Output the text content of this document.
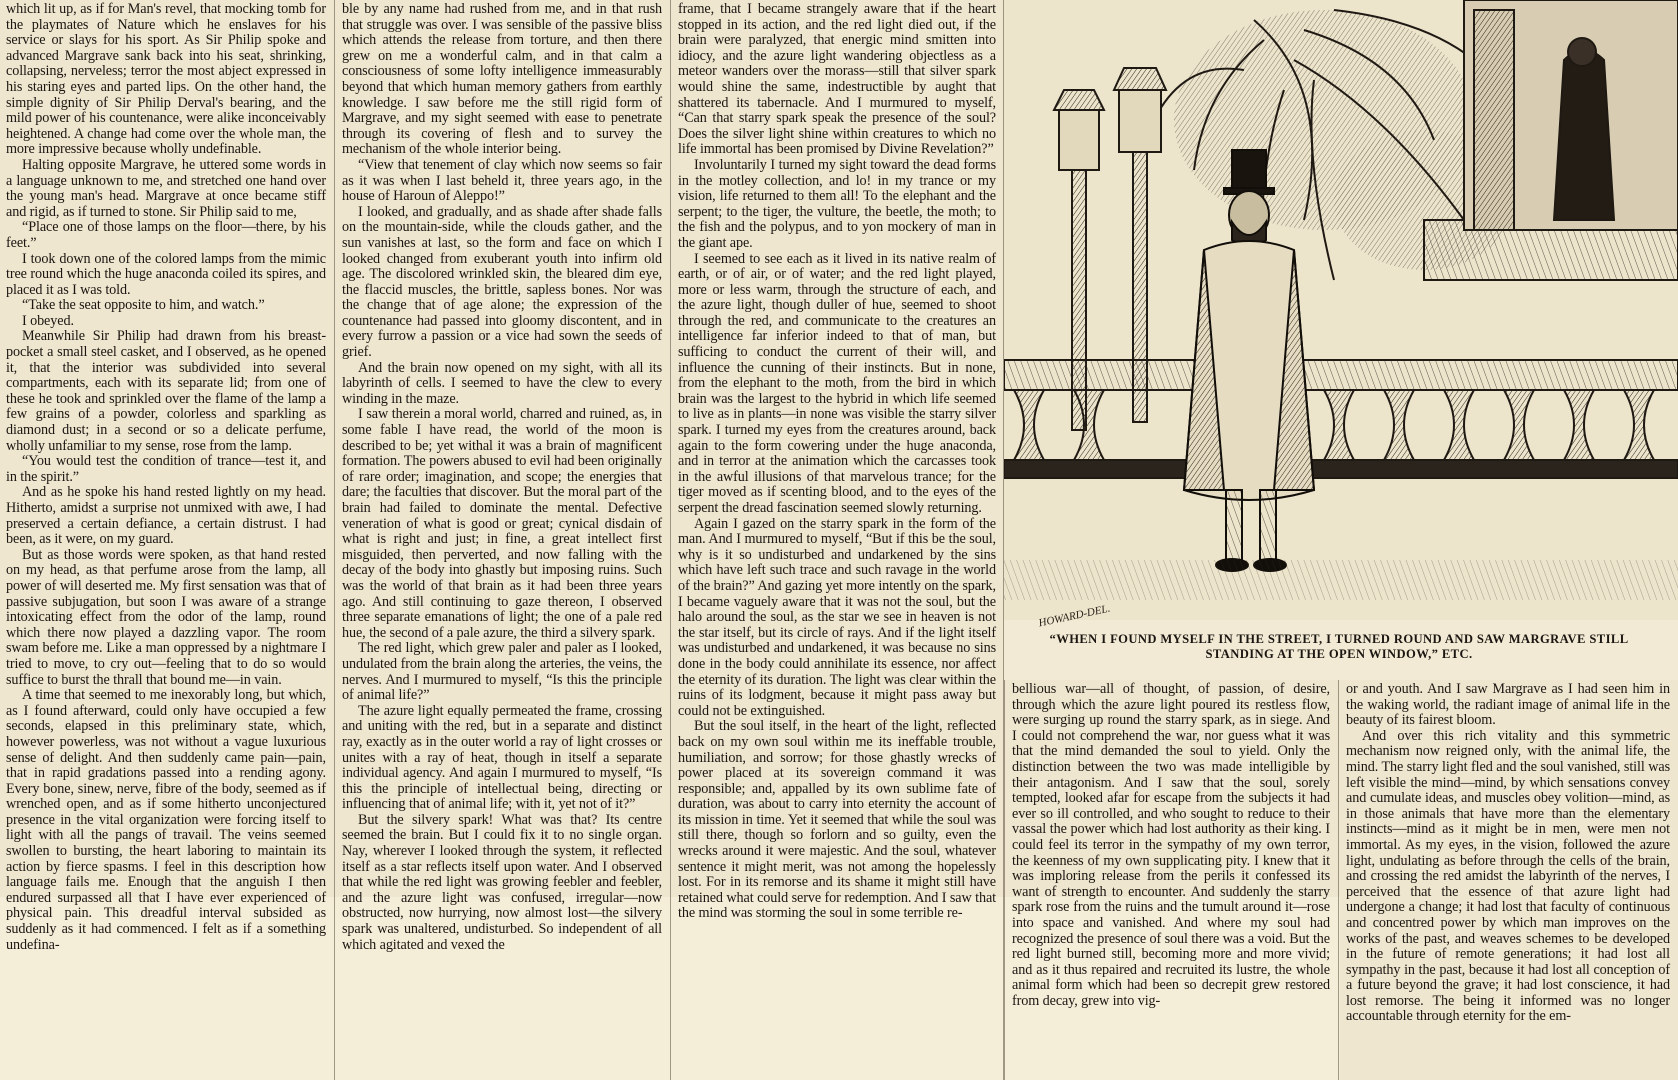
which lit up, as if for Man's revel, that mocking tomb for the playmates of Nature which he enslaves for his service or slays for his sport. As Sir Philip spoke and advanced Margrave sank back into his seat, shrinking, collapsing, nerveless; terror the most abject expressed in his staring eyes and parted lips. On the other hand, the simple dignity of Sir Philip Derval's bearing, and the mild power of his countenance, were alike inconceivably heightened. A change had come over the whole man, the more impressive because wholly undefinable.

Halting opposite Margrave, he uttered some words in a language unknown to me, and stretched one hand over the young man's head. Margrave at once became stiff and rigid, as if turned to stone. Sir Philip said to me,

“Place one of those lamps on the floor—there, by his feet.”

I took down one of the colored lamps from the mimic tree round which the huge anaconda coiled its spires, and placed it as I was told.

“Take the seat opposite to him, and watch.”

I obeyed.

Meanwhile Sir Philip had drawn from his breast-pocket a small steel casket, and I observed, as he opened it, that the interior was subdivided into several compartments, each with its separate lid; from one of these he took and sprinkled over the flame of the lamp a few grains of a powder, colorless and sparkling as diamond dust; in a second or so a delicate perfume, wholly unfamiliar to my sense, rose from the lamp.

“You would test the condition of trance—test it, and in the spirit.”

And as he spoke his hand rested lightly on my head. Hitherto, amidst a surprise not unmixed with awe, I had preserved a certain defiance, a certain distrust. I had been, as it were, on my guard.

But as those words were spoken, as that hand rested on my head, as that perfume arose from the lamp, all power of will deserted me. My first sensation was that of passive subjugation, but soon I was aware of a strange intoxicating effect from the odor of the lamp, round which there now played a dazzling vapor. The room swam before me. Like a man oppressed by a nightmare I tried to move, to cry out—feeling that to do so would suffice to burst the thrall that bound me—in vain.

A time that seemed to me inexorably long, but which, as I found afterward, could only have occupied a few seconds, elapsed in this preliminary state, which, however powerless, was not without a vague luxurious sense of delight. And then suddenly came pain—pain, that in rapid gradations passed into a rending agony. Every bone, sinew, nerve, fibre of the body, seemed as if wrenched open, and as if some hitherto unconjectured presence in the vital organization were forcing itself to light with all the pangs of travail. The veins seemed swollen to bursting, the heart laboring to maintain its action by fierce spasms. I feel in this description how language fails me. Enough that the anguish I then endured surpassed all that I have ever experienced of physical pain. This dreadful interval subsided as suddenly as it had commenced. I felt as if a something undefina-

ble by any name had rushed from me, and in that rush that struggle was over. I was sensible of the passive bliss which attends the release from torture, and then there grew on me a wonderful calm, and in that calm a consciousness of some lofty intelligence immeasurably beyond that which human memory gathers from earthly knowledge. I saw before me the still rigid form of Margrave, and my sight seemed with ease to penetrate through its covering of flesh and to survey the mechanism of the whole interior being.

“View that tenement of clay which now seems so fair as it was when I last beheld it, three years ago, in the house of Haroun of Aleppo!”

I looked, and gradually, and as shade after shade falls on the mountain-side, while the clouds gather, and the sun vanishes at last, so the form and face on which I looked changed from exuberant youth into infirm old age. The discolored wrinkled skin, the bleared dim eye, the flaccid muscles, the brittle, sapless bones. Nor was the change that of age alone; the expression of the countenance had passed into gloomy discontent, and in every furrow a passion or a vice had sown the seeds of grief.

And the brain now opened on my sight, with all its labyrinth of cells. I seemed to have the clew to every winding in the maze.

I saw therein a moral world, charred and ruined, as, in some fable I have read, the world of the moon is described to be; yet withal it was a brain of magnificent formation. The powers abused to evil had been originally of rare order; imagination, and scope; the energies that dare; the faculties that discover. But the moral part of the brain had failed to dominate the mental. Defective veneration of what is good or great; cynical disdain of what is right and just; in fine, a great intellect first misguided, then perverted, and now falling with the decay of the body into ghastly but imposing ruins. Such was the world of that brain as it had been three years ago. And still continuing to gaze thereon, I observed three separate emanations of light; the one of a pale red hue, the second of a pale azure, the third a silvery spark.

The red light, which grew paler and paler as I looked, undulated from the brain along the arteries, the veins, the nerves. And I murmured to myself, “Is this the principle of animal life?”

The azure light equally permeated the frame, crossing and uniting with the red, but in a separate and distinct ray, exactly as in the outer world a ray of light crosses or unites with a ray of heat, though in itself a separate individual agency. And again I murmured to myself, “Is this the principle of intellectual being, directing or influencing that of animal life; with it, yet not of it?”

But the silvery spark! What was that? Its centre seemed the brain. But I could fix it to no single organ. Nay, wherever I looked through the system, it reflected itself as a star reflects itself upon water. And I observed that while the red light was growing feebler and feebler, and the azure light was confused, irregular—now obstructed, now hurrying, now almost lost—the silvery spark was unaltered, undisturbed. So independent of all which agitated and vexed the

frame, that I became strangely aware that if the heart stopped in its action, and the red light died out, if the brain were paralyzed, that energic mind smitten into idiocy, and the azure light wandering objectless as a meteor wanders over the morass—still that silver spark would shine the same, indestructible by aught that shattered its tabernacle. And I murmured to myself, “Can that starry spark speak the presence of the soul? Does the silver light shine within creatures to which no life immortal has been promised by Divine Revelation?”

Involuntarily I turned my sight toward the dead forms in the motley collection, and lo! in my trance or my vision, life returned to them all! To the elephant and the serpent; to the tiger, the vulture, the beetle, the moth; to the fish and the polypus, and to yon mockery of man in the giant ape.

I seemed to see each as it lived in its native realm of earth, or of air, or of water; and the red light played, more or less warm, through the structure of each, and the azure light, though duller of hue, seemed to shoot through the red, and communicate to the creatures an intelligence far inferior indeed to that of man, but sufficing to conduct the current of their will, and influence the cunning of their instincts. But in none, from the elephant to the moth, from the bird in which brain was the largest to the hybrid in which life seemed to live as in plants—in none was visible the starry silver spark. I turned my eyes from the creatures around, back again to the form cowering under the huge anaconda, and in terror at the animation which the carcasses took in the awful illusions of that marvelous trance; for the tiger moved as if scenting blood, and to the eyes of the serpent the dread fascination seemed slowly returning.

Again I gazed on the starry spark in the form of the man. And I murmured to myself, “But if this be the soul, why is it so undisturbed and undarkened by the sins which have left such trace and such ravage in the world of the brain?” And gazing yet more intently on the spark, I became vaguely aware that it was not the soul, but the halo around the soul, as the star we see in heaven is not the star itself, but its circle of rays. And if the light itself was undisturbed and undarkened, it was because no sins done in the body could annihilate its essence, nor affect the eternity of its duration. The light was clear within the ruins of its lodgment, because it might pass away but could not be extinguished.

But the soul itself, in the heart of the light, reflected back on my own soul within me its ineffable trouble, humiliation, and sorrow; for those ghastly wrecks of power placed at its sovereign command it was responsible; and, appalled by its own sublime fate of duration, was about to carry into eternity the account of its mission in time. Yet it seemed that while the soul was still there, though so forlorn and so guilty, even the wrecks around it were majestic. And the soul, whatever sentence it might merit, was not among the hopelessly lost. For in its remorse and its shame it might still have retained what could serve for redemption. And I saw that the mind was storming the soul in some terrible re-

HOWARD-DEL.
“WHEN I FOUND MYSELF IN THE STREET, I TURNED ROUND AND SAW MARGRAVE STILL STANDING AT THE OPEN WINDOW,” ETC.

bellious war—all of thought, of passion, of desire, through which the azure light poured its restless flow, were surging up round the starry spark, as in siege. And I could not comprehend the war, nor guess what it was that the mind demanded the soul to yield. Only the distinction between the two was made intelligible by their antagonism. And I saw that the soul, sorely tempted, looked afar for escape from the subjects it had ever so ill controlled, and who sought to reduce to their vassal the power which had lost authority as their king. I could feel its terror in the sympathy of my own terror, the keenness of my own supplicating pity. I knew that it was imploring release from the perils it confessed its want of strength to encounter. And suddenly the starry spark rose from the ruins and the tumult around it—rose into space and vanished. And where my soul had recognized the presence of soul there was a void. But the red light burned still, becoming more and more vivid; and as it thus repaired and recruited its lustre, the whole animal form which had been so decrepit grew restored from decay, grew into vig-

or and youth. And I saw Margrave as I had seen him in the waking world, the radiant image of animal life in the beauty of its fairest bloom.

And over this rich vitality and this symmetric mechanism now reigned only, with the animal life, the mind. The starry light fled and the soul vanished, still was left visible the mind—mind, by which sensations convey and cumulate ideas, and muscles obey volition—mind, as in those animals that have more than the elementary instincts—mind as it might be in men, were men not immortal. As my eyes, in the vision, followed the azure light, undulating as before through the cells of the brain, and crossing the red amidst the labyrinth of the nerves, I perceived that the essence of that azure light had undergone a change; it had lost that faculty of continuous and concentred power by which man improves on the works of the past, and weaves schemes to be developed in the future of remote generations; it had lost all sympathy in the past, because it had lost all conception of a future beyond the grave; it had lost conscience, it had lost remorse. The being it informed was no longer accountable through eternity for the em-
